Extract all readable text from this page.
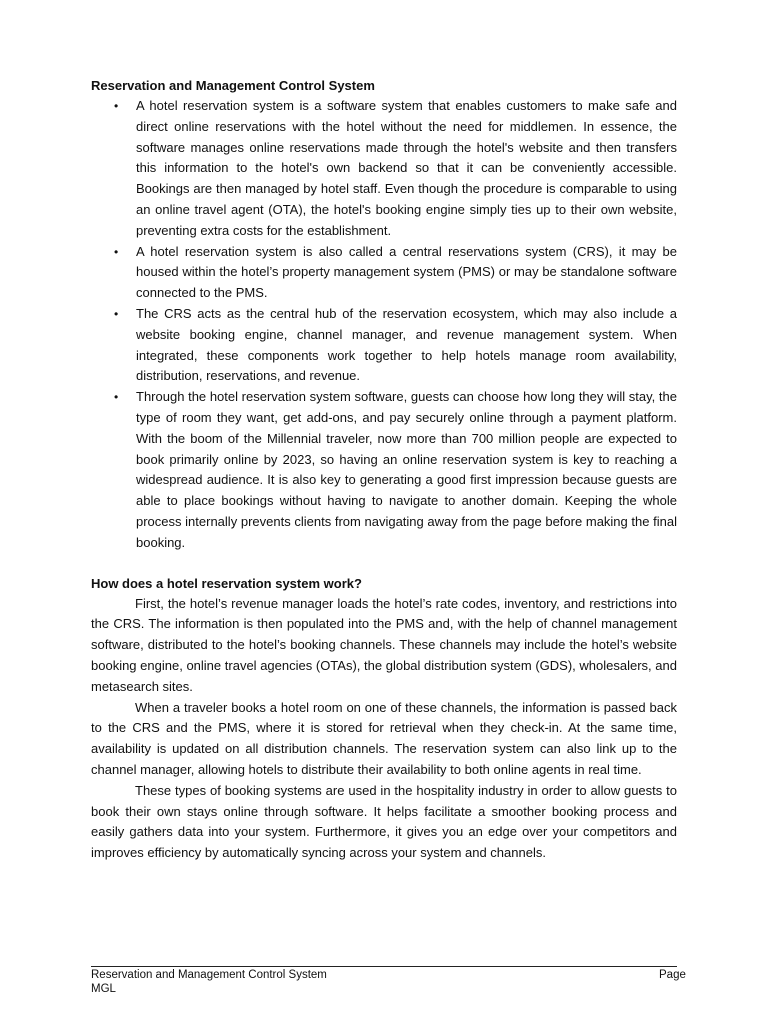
Reservation and Management Control System
• A hotel reservation system is a software system that enables customers to make safe and direct online reservations with the hotel without the need for middlemen. In essence, the software manages online reservations made through the hotel's website and then transfers this information to the hotel's own backend so that it can be conveniently accessible. Bookings are then managed by hotel staff. Even though the procedure is comparable to using an online travel agent (OTA), the hotel's booking engine simply ties up to their own website, preventing extra costs for the establishment.
• A hotel reservation system is also called a central reservations system (CRS), it may be housed within the hotel’s property management system (PMS) or may be standalone software connected to the PMS.
• The CRS acts as the central hub of the reservation ecosystem, which may also include a website booking engine, channel manager, and revenue management system. When integrated, these components work together to help hotels manage room availability, distribution, reservations, and revenue.
• Through the hotel reservation system software, guests can choose how long they will stay, the type of room they want, get add-ons, and pay securely online through a payment platform. With the boom of the Millennial traveler, now more than 700 million people are expected to book primarily online by 2023, so having an online reservation system is key to reaching a widespread audience. It is also key to generating a good first impression because guests are able to place bookings without having to navigate to another domain. Keeping the whole process internally prevents clients from navigating away from the page before making the final booking.
How does a hotel reservation system work?

First, the hotel’s revenue manager loads the hotel’s rate codes, inventory, and restrictions into the CRS. The information is then populated into the PMS and, with the help of channel management software, distributed to the hotel’s booking channels. These channels may include the hotel’s website booking engine, online travel agencies (OTAs), the global distribution system (GDS), wholesalers, and metasearch sites.

When a traveler books a hotel room on one of these channels, the information is passed back to the CRS and the PMS, where it is stored for retrieval when they check-in. At the same time, availability is updated on all distribution channels. The reservation system can also link up to the channel manager, allowing hotels to distribute their availability to both online agents in real time.

These types of booking systems are used in the hospitality industry in order to allow guests to book their own stays online through software. It helps facilitate a smoother booking process and easily gathers data into your system. Furthermore, it gives you an edge over your competitors and improves efficiency by automatically syncing across your system and channels.

Reservation and Management Control System
MGL
Page
